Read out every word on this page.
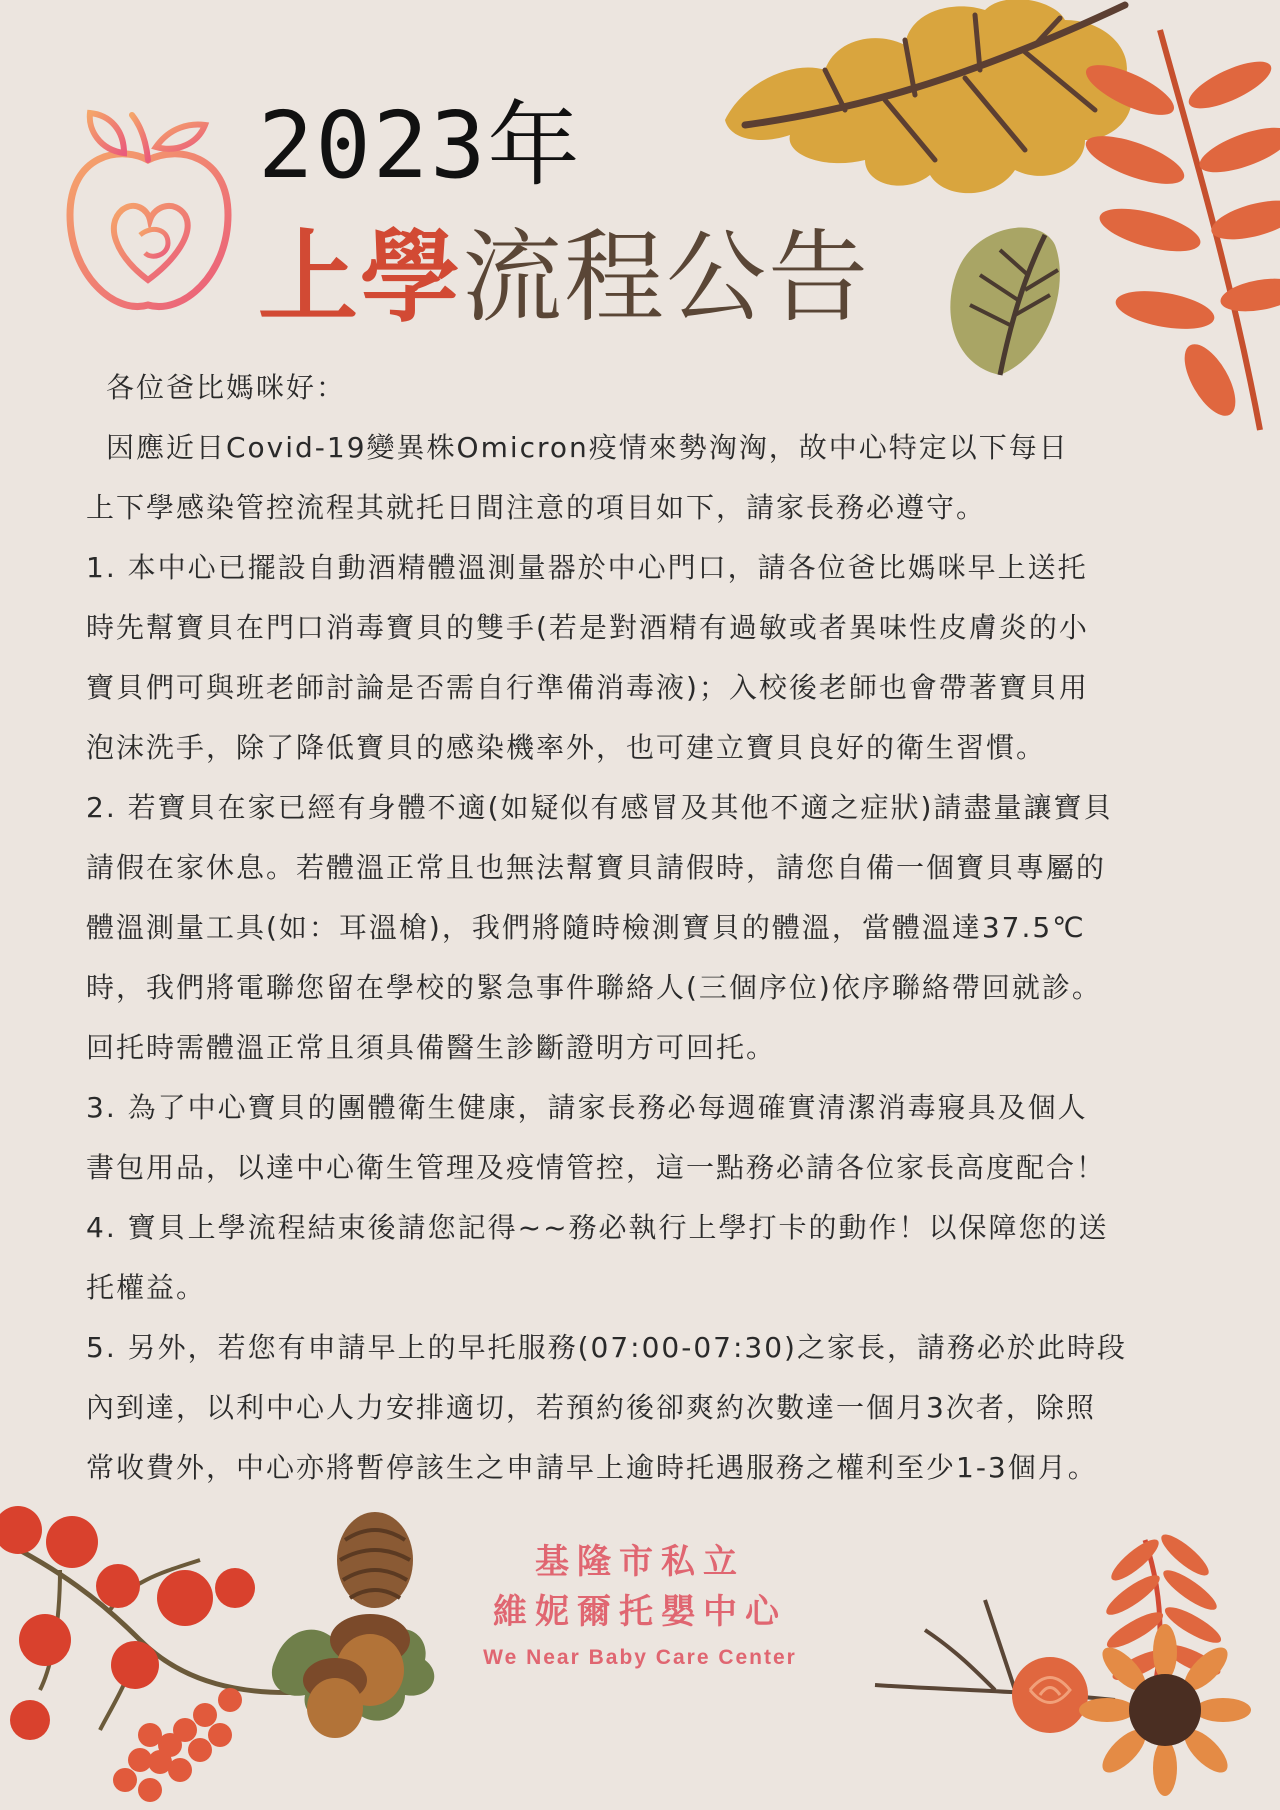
2023年
上學流程公告

各位爸比媽咪好：

因應近日Covid-19變異株Omicron疫情來勢洶洶，故中心特定以下每日

上下學感染管控流程其就托日間注意的項目如下，請家長務必遵守。

1. 本中心已擺設自動酒精體溫測量器於中心門口，請各位爸比媽咪早上送托

時先幫寶貝在門口消毒寶貝的雙手(若是對酒精有過敏或者異味性皮膚炎的小

寶貝們可與班老師討論是否需自行準備消毒液)；入校後老師也會帶著寶貝用

泡沫洗手，除了降低寶貝的感染機率外，也可建立寶貝良好的衛生習慣。

2. 若寶貝在家已經有身體不適(如疑似有感冒及其他不適之症狀)請盡量讓寶貝

請假在家休息。若體溫正常且也無法幫寶貝請假時，請您自備一個寶貝專屬的

體溫測量工具(如：耳溫槍)，我們將隨時檢測寶貝的體溫，當體溫達37.5℃

時，我們將電聯您留在學校的緊急事件聯絡人(三個序位)依序聯絡帶回就診。

回托時需體溫正常且須具備醫生診斷證明方可回托。

3. 為了中心寶貝的團體衛生健康，請家長務必每週確實清潔消毒寢具及個人

書包用品，以達中心衛生管理及疫情管控，這一點務必請各位家長高度配合！

4. 寶貝上學流程結束後請您記得~~務必執行上學打卡的動作！以保障您的送

托權益。

5. 另外，若您有申請早上的早托服務(07:00-07:30)之家長，請務必於此時段

內到達，以利中心人力安排適切，若預約後卻爽約次數達一個月3次者，除照

常收費外，中心亦將暫停該生之申請早上逾時托遇服務之權利至少1-3個月。

基隆市私立
維妮爾托嬰中心
We Near Baby Care Center
